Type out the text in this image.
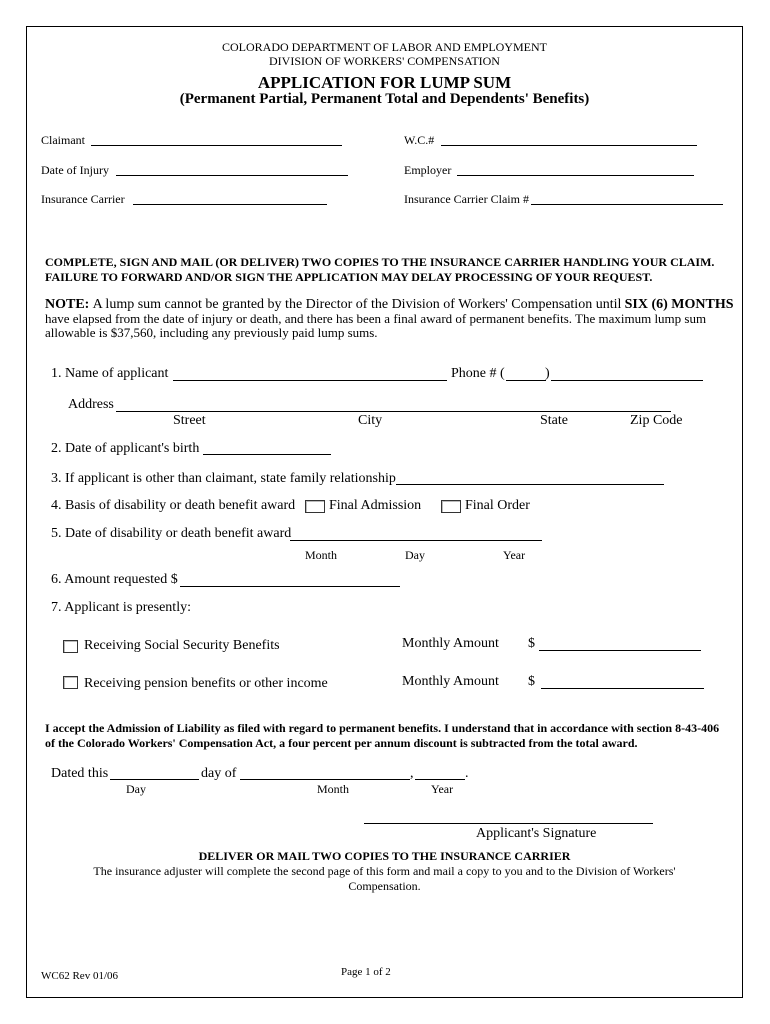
COLORADO DEPARTMENT OF LABOR AND EMPLOYMENT
DIVISION OF WORKERS' COMPENSATION
APPLICATION FOR LUMP SUM
(Permanent Partial, Permanent Total and Dependents' Benefits)
Claimant	W.C.#
Date of Injury	Employer
Insurance Carrier	Insurance Carrier Claim #
COMPLETE, SIGN AND MAIL (OR DELIVER) TWO COPIES TO THE INSURANCE CARRIER HANDLING YOUR CLAIM.
FAILURE TO FORWARD AND/OR SIGN THE APPLICATION MAY DELAY PROCESSING OF YOUR REQUEST.
NOTE: A lump sum cannot be granted by the Director of the Division of Workers' Compensation until SIX (6) MONTHS have elapsed from the date of injury or death, and there has been a final award of permanent benefits. The maximum lump sum allowable is $37,560, including any previously paid lump sums.
1. Name of applicant	Phone # (	)
Address
Street	City	State	Zip Code
2. Date of applicant's birth
3. If applicant is other than claimant, state family relationship
4. Basis of disability or death benefit award Final Admission	Final Order
5. Date of disability or death benefit award
Month	Day	Year
6. Amount requested $
7. Applicant is presently:
Receiving Social Security Benefits	Monthly Amount $
Receiving pension benefits or other income	Monthly Amount $
I accept the Admission of Liability as filed with regard to permanent benefits. I understand that in accordance with section 8-43-406 of the Colorado Workers' Compensation Act, a four percent per annum discount is subtracted from the total award.
Dated this	day of	,	.
Day	Month	Year
Applicant's Signature
DELIVER OR MAIL TWO COPIES TO THE INSURANCE CARRIER
The insurance adjuster will complete the second page of this form and mail a copy to you and to the Division of Workers'
Compensation.
WC62 Rev 01/06	Page 1 of 2
